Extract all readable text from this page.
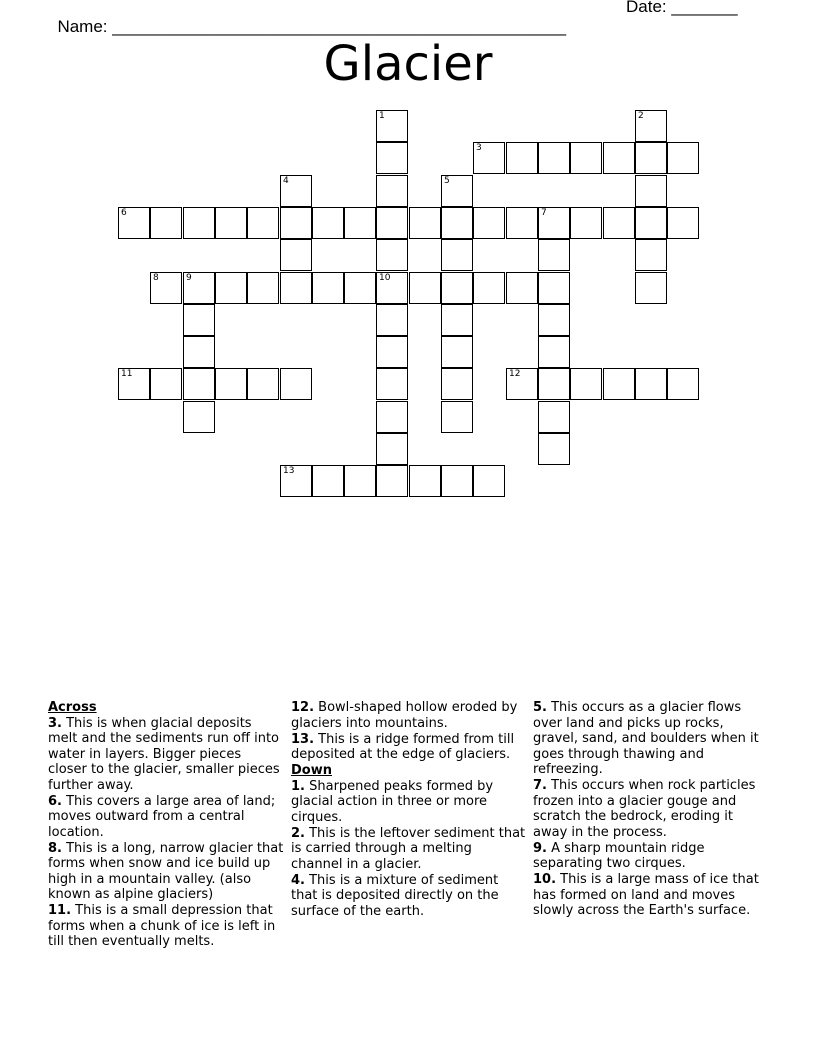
Name: ________________________________________________

Date: _______

Glacier
1
10
2
3
4	5
6	7
8	9
11	12
13
Across
3. This is when glacial deposits melt and the sediments run off into water in layers. Bigger pieces closer to the glacier, smaller pieces further away.
6. This covers a large area of land; moves outward from a central location.
8. This is a long, narrow glacier that forms when snow and ice build up high in a mountain valley. (also known as alpine glaciers)
11. This is a small depression that forms when a chunk of ice is left in till then eventually melts.
12. Bowl-shaped hollow eroded by glaciers into mountains.
13. This is a ridge formed from till deposited at the edge of glaciers.
Down
1. Sharpened peaks formed by glacial action in three or more cirques.
2. This is the leftover sediment that is carried through a melting channel in a glacier.
4. This is a mixture of sediment that is deposited directly on the surface of the earth.
5. This occurs as a glacier flows over land and picks up rocks, gravel, sand, and boulders when it goes through thawing and refreezing.
7. This occurs when rock particles frozen into a glacier gouge and scratch the bedrock, eroding it away in the process.
9. A sharp mountain ridge separating two cirques.
10. This is a large mass of ice that has formed on land and moves slowly across the Earth's surface.
